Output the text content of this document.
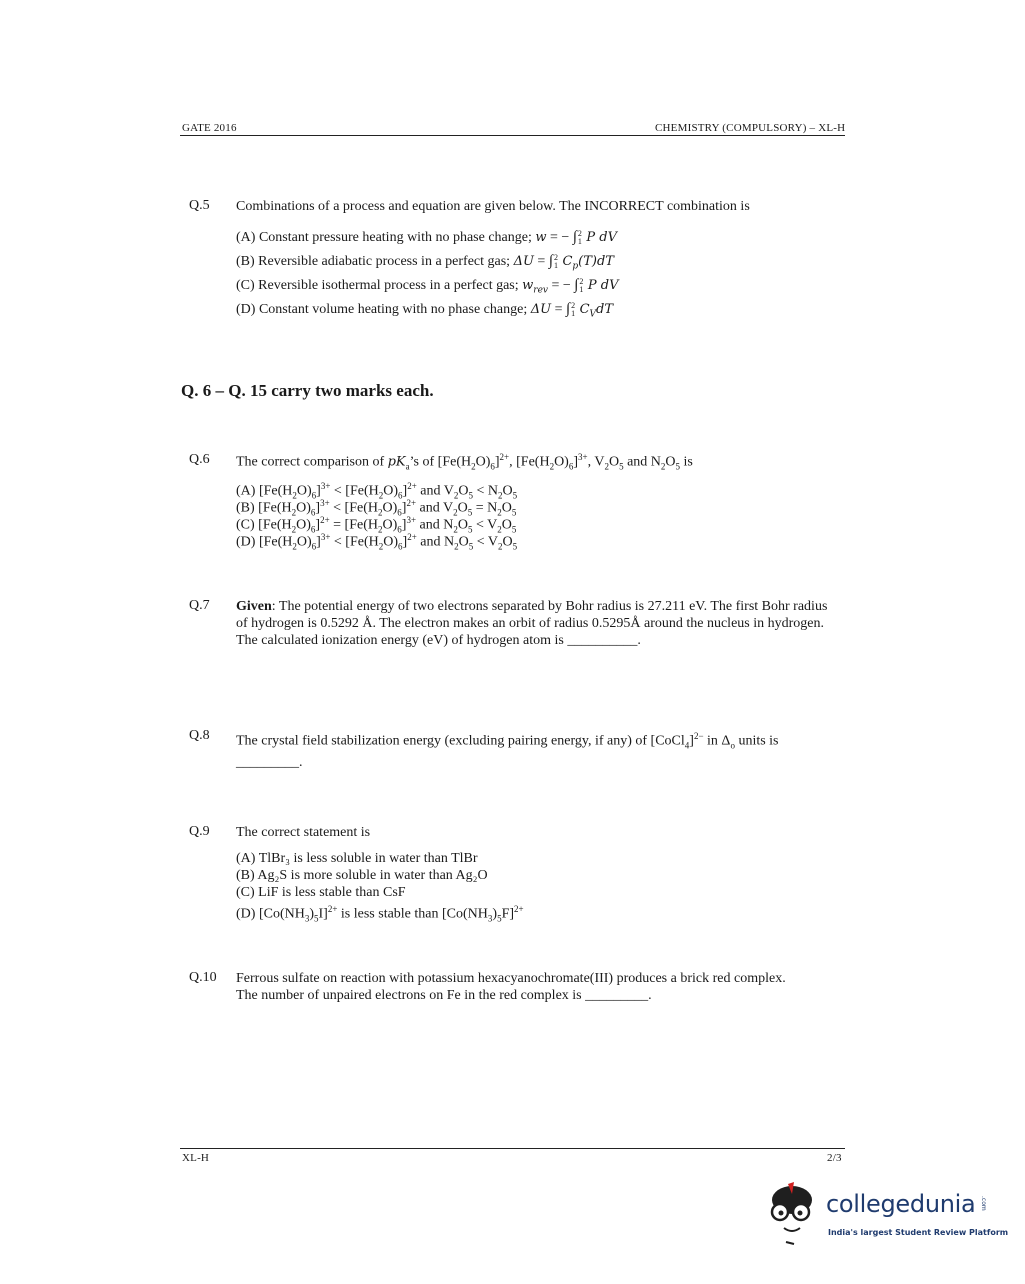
GATE 2016	CHEMISTRY (COMPULSORY) – XL-H
Q.5 Combinations of a process and equation are given below. The INCORRECT combination is
(A) Constant pressure heating with no phase change; w = − ∫2
1 P dV
(B) Reversible adiabatic process in a perfect gas; ΔU = ∫2
1 $C_p(T)dT$
(C) Reversible isothermal process in a perfect gas; $w_{rev}$ = − ∫2
1 P dV
(D) Constant volume heating with no phase change; ΔU = ∫2
1 $C_VdT$
Q. 6 – Q. 15 carry two marks each.
Q.6 The correct comparison of $pK_a’s$ of $[Fe(H_2O)_6]^{2+}$, $[Fe(H_2O)_6]^{3+}$, $V_2O_5$ and $N_2O_5$ is
(A) $[Fe(H_2O)_6]^{3+} < [Fe(H_2O)_6]^{2+}$ and $V_2O_5 < N_2O_5$
(B) $[Fe(H_2O)_6]^{3+} < [Fe(H_2O)_6]^{2+}$ and $V_2O_5 = N_2O_5$
(C) $[Fe(H_2O)_6]^{2+} = [Fe(H_2O)_6]^{3+}$ and $N_2O_5 < V_2O_5$
(D) $[Fe(H_2O)_6]^{3+} < [Fe(H_2O)_6]^{2+}$ and $N_2O_5 < V_2O_5$
Q.7 Given: The potential energy of two electrons separated by Bohr radius is 27.211 eV. The first Bohr radius of hydrogen is 0.5292 Å. The electron makes an orbit of radius 0.5295Å around the nucleus in hydrogen.
The calculated ionization energy (eV) of hydrogen atom is __________.
Q.8 The crystal field stabilization energy (excluding pairing energy, if any) of [CoCl$_4$]$^{2-}$ in $\Delta_o$ units is _________.
Q.9 The correct statement is
(A) TlBr₃ is less soluble in water than TlBr
(B) Ag₂S is more soluble in water than Ag₂O
(C) LiF is less stable than CsF
(D) $[Co(NH_3)_5I]^{2+}$ is less stable than $[Co(NH_3)_5F]^{2+}$
Q.10 Ferrous sulfate on reaction with potassium hexacyanochromate(III) produces a brick red complex.
The number of unpaired electrons on Fe in the red complex is _________.
XL-H	2/3
collegedunia .com
India's largest Student Review Platform
